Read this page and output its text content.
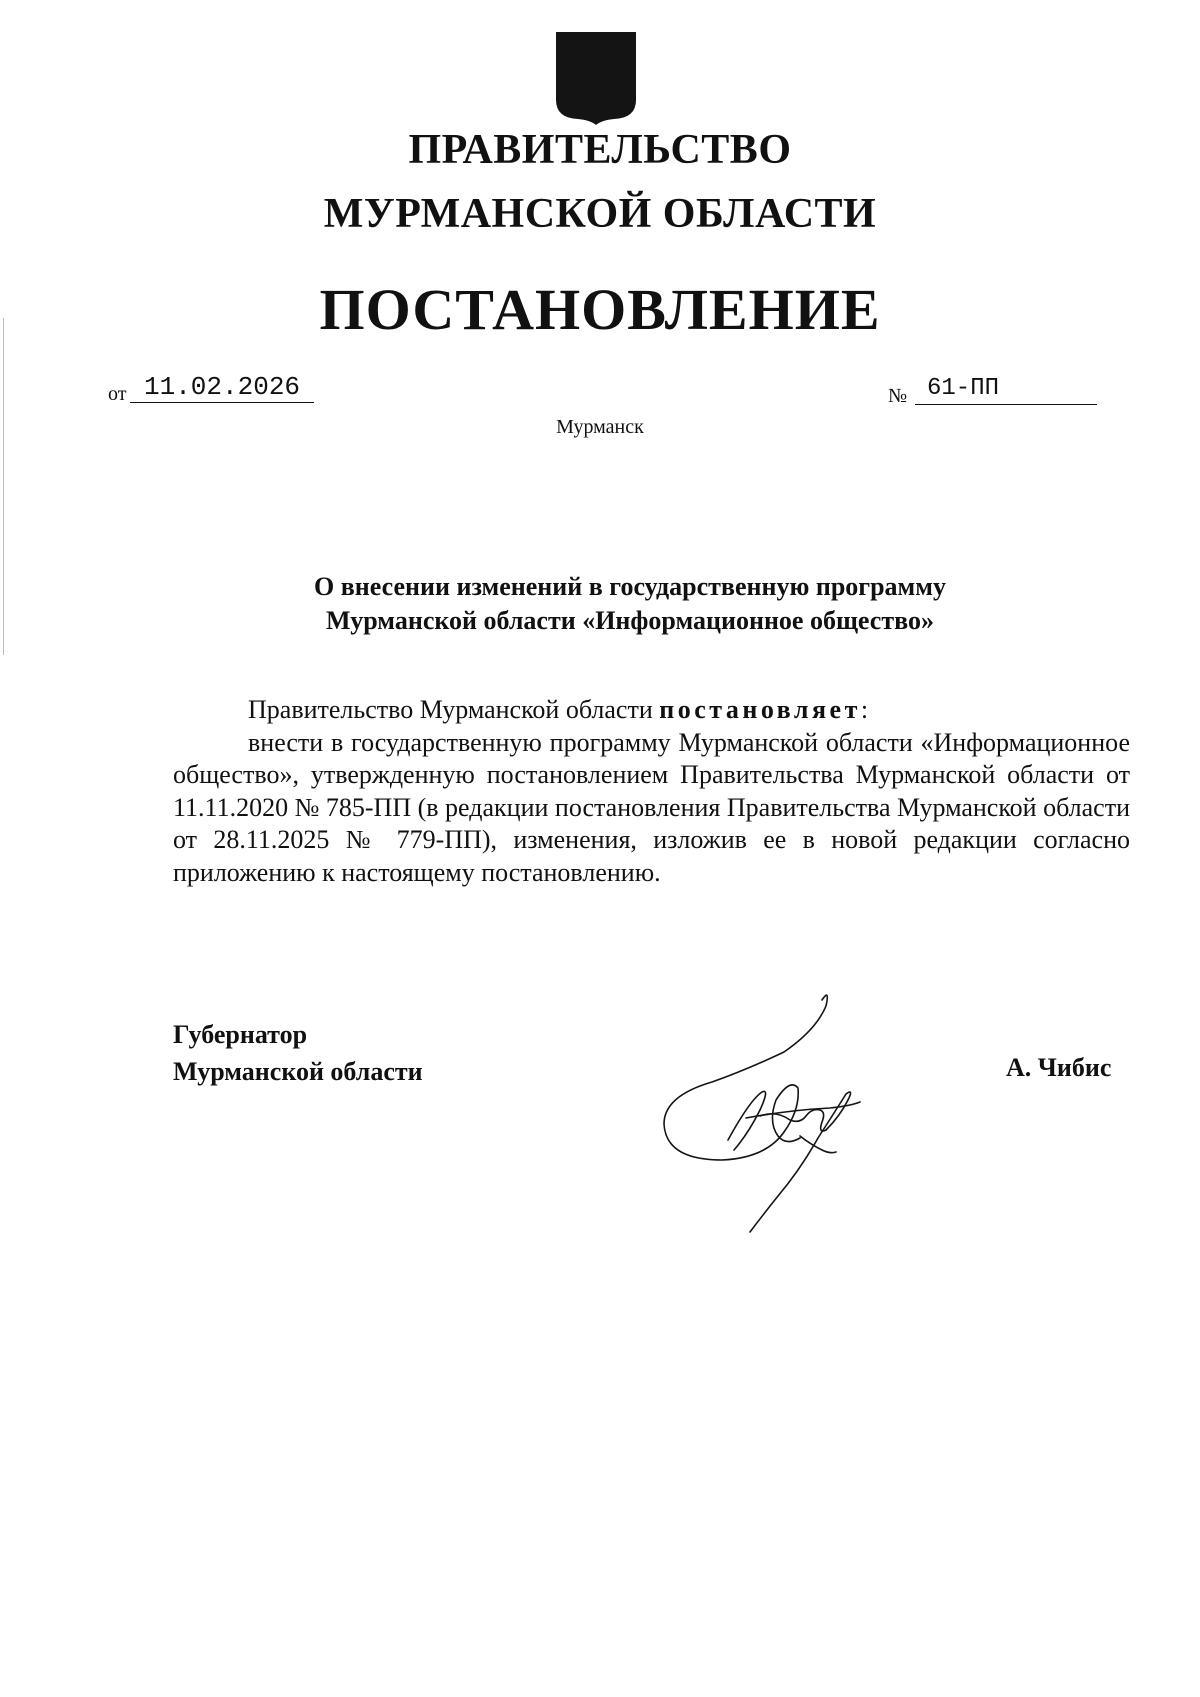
ПРАВИТЕЛЬСТВО
МУРМАНСКОЙ ОБЛАСТИ
ПОСТАНОВЛЕНИЕ
от 11.02.2026	№ 61-ПП
Мурманск
О внесении изменений в государственную программу
Мурманской области «Информационное общество»

Правительство Мурманской области постановляет:

внести в государственную программу Мурманской области «Информационное общество», утвержденную постановлением Правительства Мурманской области от 11.11.2020 № 785-ПП (в редакции постановления Правительства Мурманской области от 28.11.2025 № 779-ПП), изменения, изложив ее в новой редакции согласно приложению к настоящему постановлению.

Губернатор
Мурманской области	А. Чибис
